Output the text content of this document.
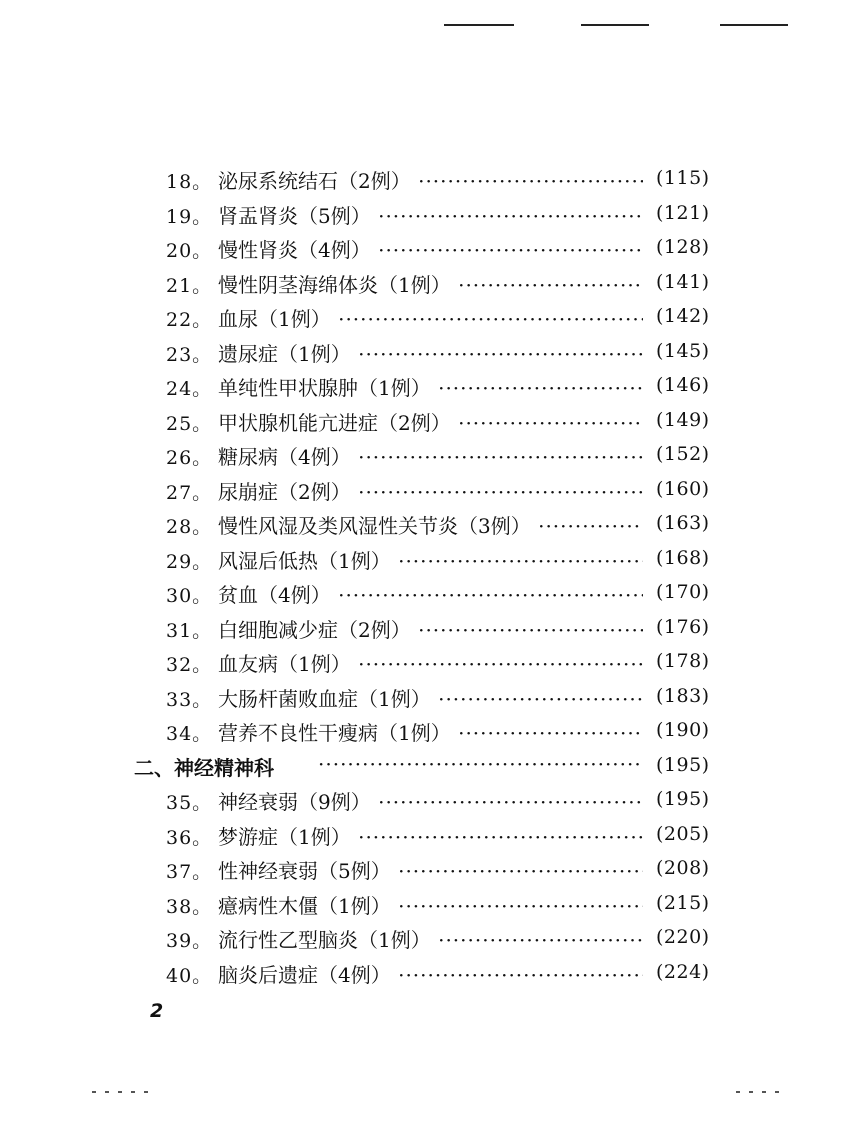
18。 泌尿系统结石（2例） ·····	(115)
19。 肾盂肾炎（5例） ·····	(121)
20。 慢性肾炎（4例） ·····	(128)
21。 慢性阴茎海绵体炎（1例） ·····	(141)
22。 血尿（1例） ·····	(142)
23。 遗尿症（1例） ·····	(145)
24。 单纯性甲状腺肿（1例） ·····	(146)
25。 甲状腺机能亢进症（2例） ·····	(149)
26。 糖尿病（4例） ·····	(152)
27。 尿崩症（2例） ·····	(160)
28。 慢性风湿及类风湿性关节炎（3例） ·····	(163)
29。 风湿后低热（1例） ·····	(168)
30。 贫血（4例） ·····	(170)
31。 白细胞减少症（2例） ·····	(176)
32。 血友病（1例） ·····	(178)
33。 大肠杆菌败血症（1例） ·····	(183)
34。 营养不良性干瘦病（1例） ·····	(190)
二、神经精神科
·····	(195)
35。 神经衰弱（9例） ·····	(195)
36。 梦游症（1例） ·····	(205)
37。 性神经衰弱（5例） ·····	(208)
38。 癔病性木僵（1例） ·····	(215)
39。 流行性乙型脑炎（1例） ·····	(220)
40。 脑炎后遗症（4例） ·····	(224)
2
